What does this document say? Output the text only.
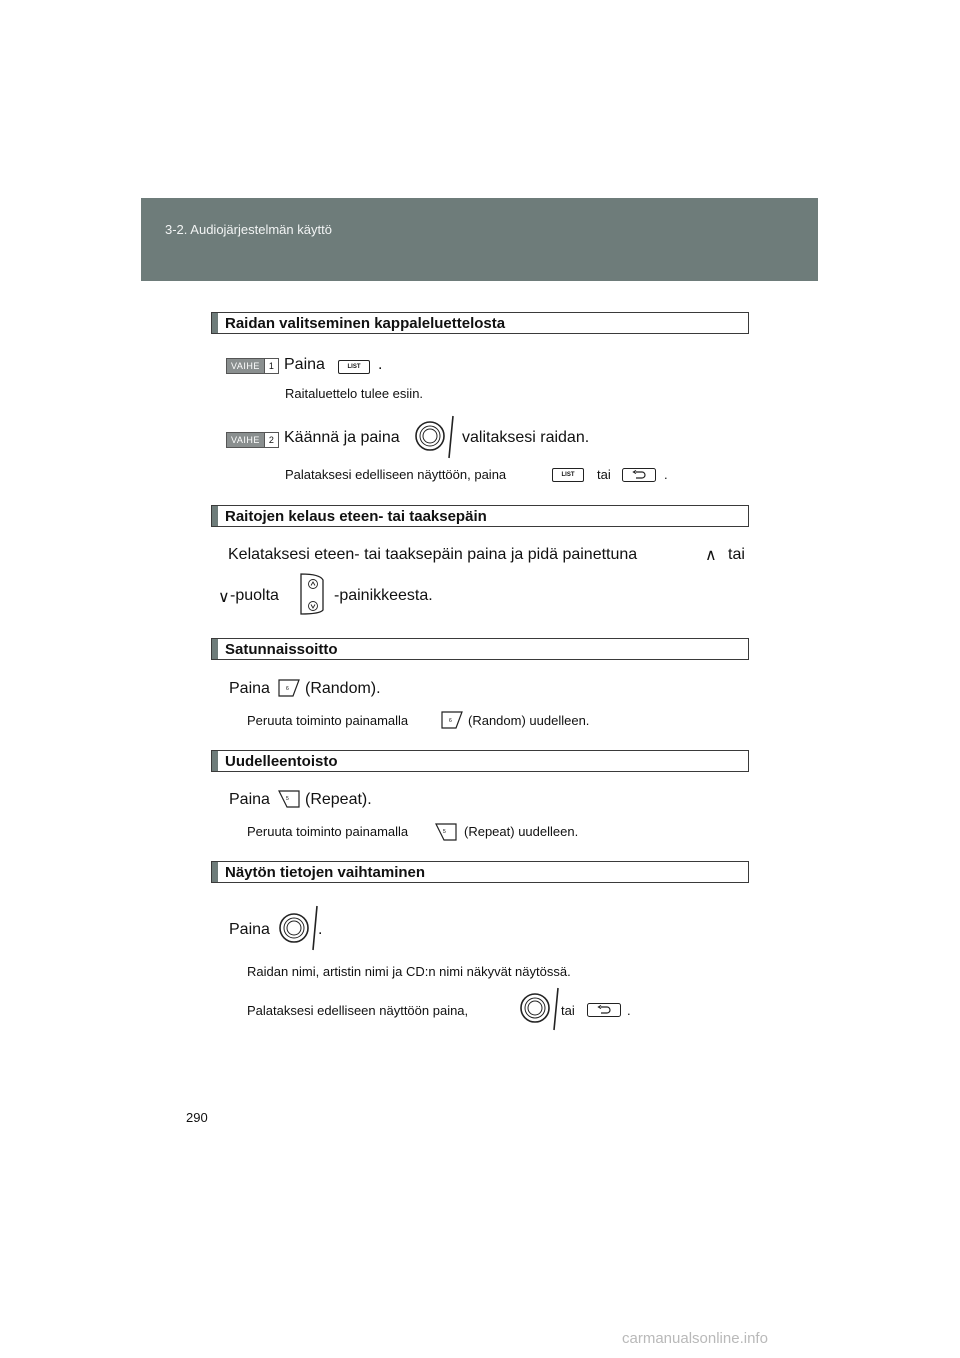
3-2. Audiojärjestelmän käyttö
Raidan valitseminen kappaleluettelosta
VAIHE	1 Paina	LIST	.
Raitaluettelo tulee esiin.
VAIHE	2 Käännä ja paina	valitaksesi raidan.
Palataksesi edelliseen näyttöön, paina	LIST	tai	.
Raitojen kelaus eteen- tai taaksepäin
Kelataksesi eteen- tai taaksepäin paina ja pidä painettuna	∧ tai
∨ -puolta	-painikkeesta.
Satunnaissoitto
Paina	6 (Random).
Peruuta toiminto painamalla	6 (Random) uudelleen.
Uudelleentoisto
Paina	5 (Repeat).
Peruuta toiminto painamalla	5 (Repeat) uudelleen.
Näytön tietojen vaihtaminen
Paina	.
Raidan nimi, artistin nimi ja CD:n nimi näkyvät näytössä.
Palataksesi edelliseen näyttöön paina,	tai	.
290
carmanualsonline.info
